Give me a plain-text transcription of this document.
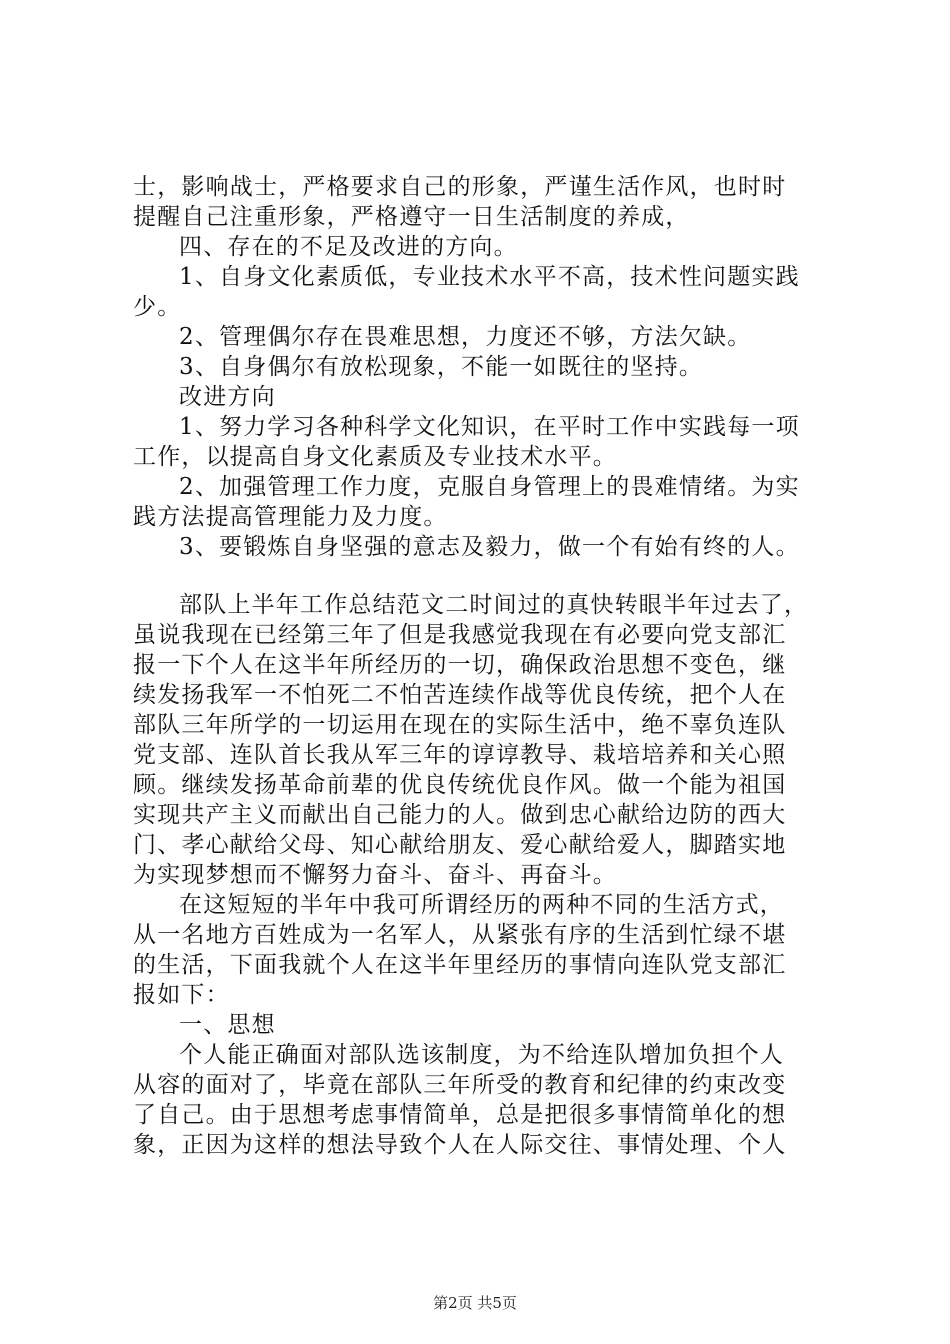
士，影响战士，严格要求自己的形象，严谨生活作风，也时时
提醒自己注重形象，严格遵守一日生活制度的养成，
四、存在的不足及改进的方向。
1、自身文化素质低，专业技术水平不高，技术性问题实践
少。
2、管理偶尔存在畏难思想，力度还不够，方法欠缺。
3、自身偶尔有放松现象，不能一如既往的坚持。
改进方向
1、努力学习各种科学文化知识，在平时工作中实践每一项
工作，以提高自身文化素质及专业技术水平。
2、加强管理工作力度，克服自身管理上的畏难情绪。为实
践方法提高管理能力及力度。
3、要锻炼自身坚强的意志及毅力，做一个有始有终的人。
部队上半年工作总结范文二时间过的真快转眼半年过去了，
虽说我现在已经第三年了但是我感觉我现在有必要向党支部汇
报一下个人在这半年所经历的一切，确保政治思想不变色，继
续发扬我军一不怕死二不怕苦连续作战等优良传统，把个人在
部队三年所学的一切运用在现在的实际生活中，绝不辜负连队
党支部、连队首长我从军三年的谆谆教导、栽培培养和关心照
顾。继续发扬革命前辈的优良传统优良作风。做一个能为祖国
实现共产主义而献出自己能力的人。做到忠心献给边防的西大
门、孝心献给父母、知心献给朋友、爱心献给爱人，脚踏实地
为实现梦想而不懈努力奋斗、奋斗、再奋斗。
在这短短的半年中我可所谓经历的两种不同的生活方式，
从一名地方百姓成为一名军人，从紧张有序的生活到忙绿不堪
的生活，下面我就个人在这半年里经历的事情向连队党支部汇
报如下：
一、思想
个人能正确面对部队选该制度，为不给连队增加负担个人
从容的面对了，毕竟在部队三年所受的教育和纪律的约束改变
了自己。由于思想考虑事情简单，总是把很多事情简单化的想
象，正因为这样的想法导致个人在人际交往、事情处理、个人
第2页 共5页
